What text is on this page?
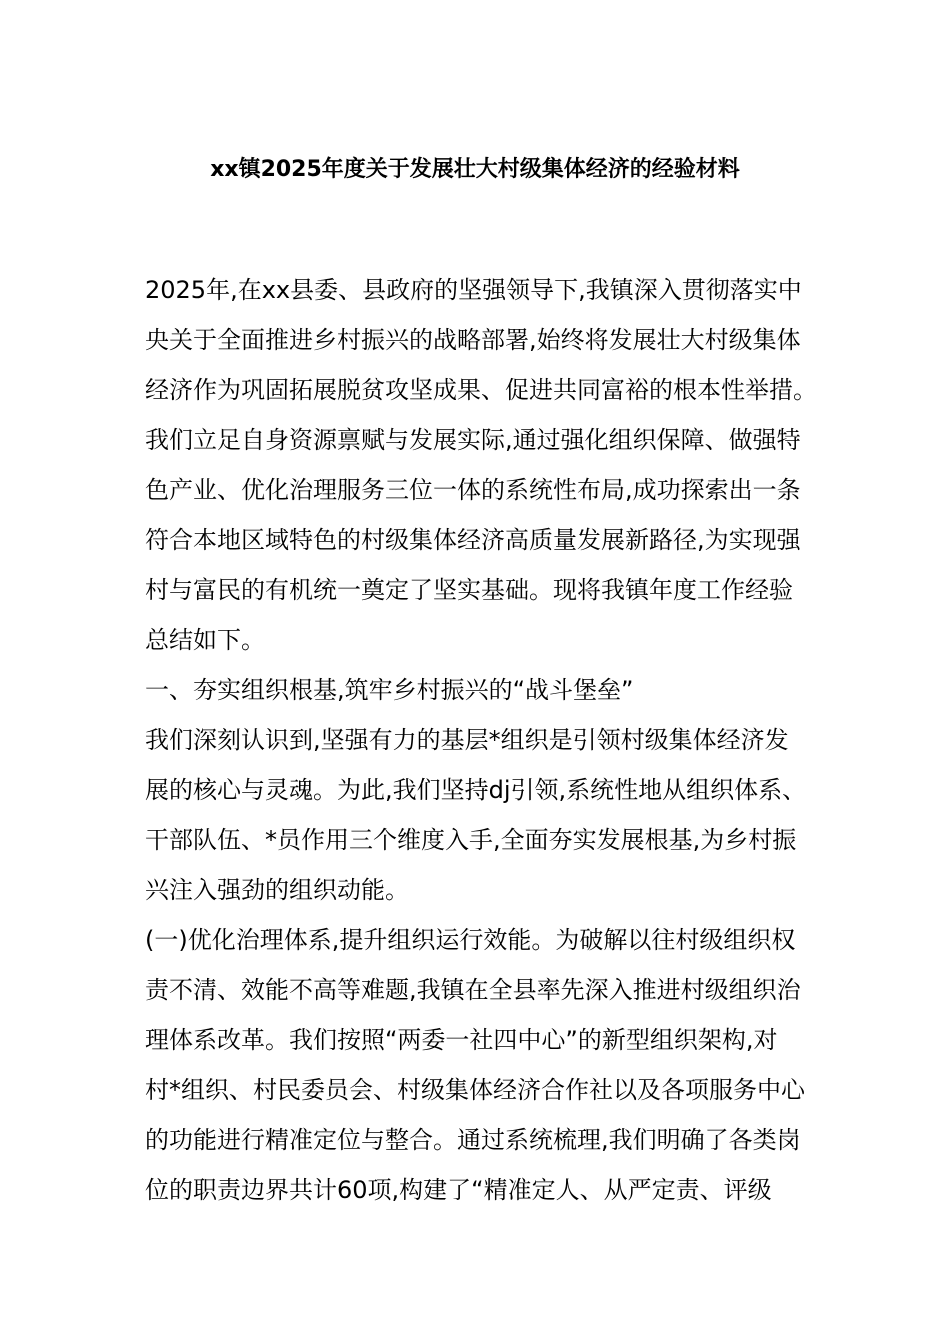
xx镇2025年度关于发展壮大村级集体经济的经验材料
2025年,在xx县委、县政府的坚强领导下,我镇深入贯彻落实中
央关于全面推进乡村振兴的战略部署,始终将发展壮大村级集体
经济作为巩固拓展脱贫攻坚成果、促进共同富裕的根本性举措。
我们立足自身资源禀赋与发展实际,通过强化组织保障、做强特
色产业、优化治理服务三位一体的系统性布局,成功探索出一条
符合本地区域特色的村级集体经济高质量发展新路径,为实现强
村与富民的有机统一奠定了坚实基础。现将我镇年度工作经验
总结如下。
一、夯实组织根基,筑牢乡村振兴的“战斗堡垒”
我们深刻认识到,坚强有力的基层*组织是引领村级集体经济发
展的核心与灵魂。为此,我们坚持dj引领,系统性地从组织体系、
干部队伍、*员作用三个维度入手,全面夯实发展根基,为乡村振
兴注入强劲的组织动能。
(一)优化治理体系,提升组织运行效能。为破解以往村级组织权
责不清、效能不高等难题,我镇在全县率先深入推进村级组织治
理体系改革。我们按照“两委一社四中心”的新型组织架构,对
村*组织、村民委员会、村级集体经济合作社以及各项服务中心
的功能进行精准定位与整合。通过系统梳理,我们明确了各类岗
位的职责边界共计60项,构建了“精准定人、从严定责、评级
